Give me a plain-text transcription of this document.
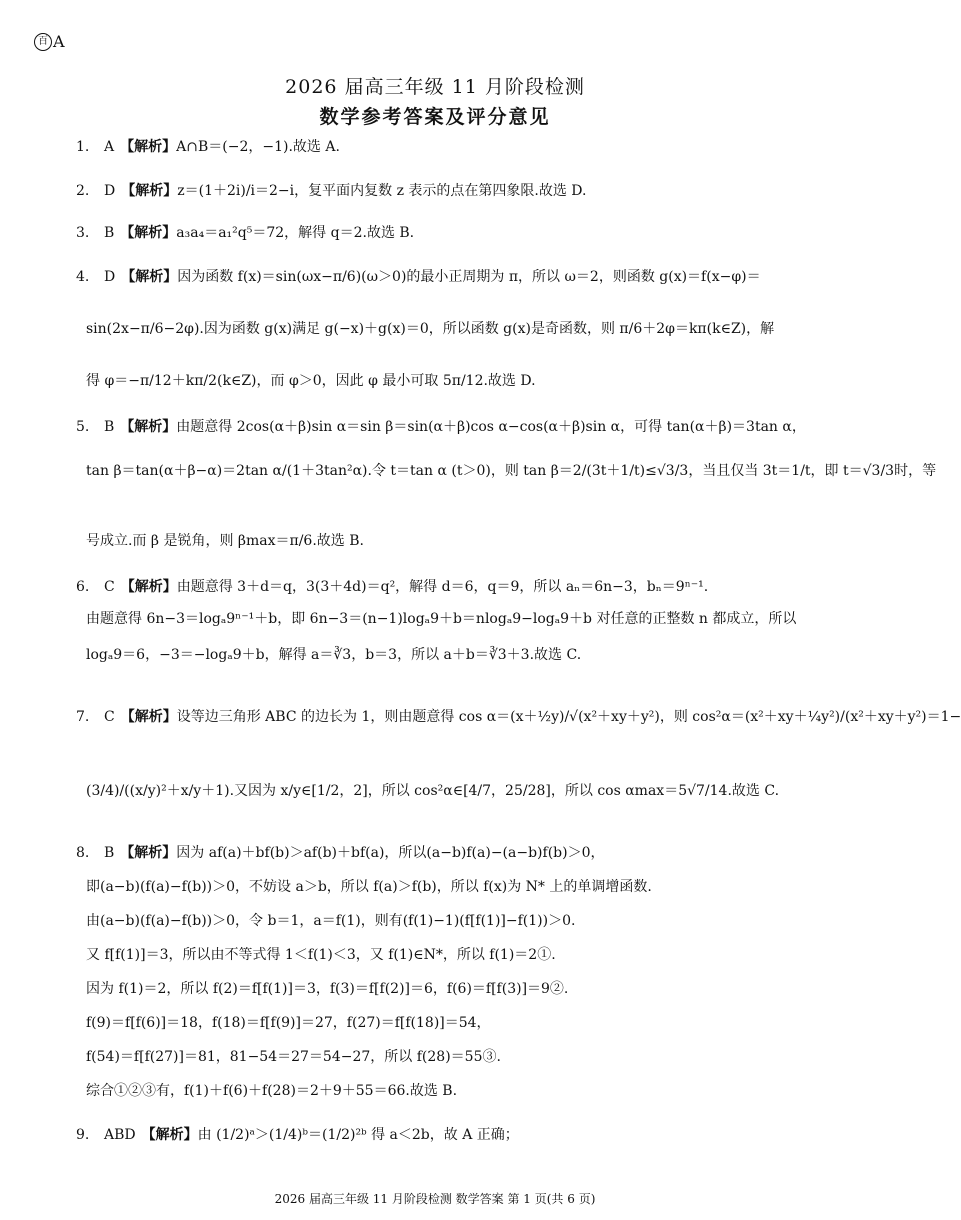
百 A
2026 届高三年级 11 月阶段检测
数学参考答案及评分意见
1. A 【解析】A∩B＝(−2，−1).故选 A.
2. D 【解析】z＝(1＋2i)/i＝2−i，复平面内复数 z 表示的点在第四象限.故选 D.
3. B 【解析】a₃a₄＝a₁²q⁵＝72，解得 q＝2.故选 B.
4. D 【解析】因为函数 f(x)＝sin(ωx−π/6)(ω＞0)的最小正周期为 π，所以 ω＝2，则函数 g(x)＝f(x−φ)＝
sin(2x−π/6−2φ).因为函数 g(x)满足 g(−x)＋g(x)＝0，所以函数 g(x)是奇函数，则 π/6＋2φ＝kπ(k∈Z)，解
得 φ＝−π/12＋kπ/2(k∈Z)，而 φ＞0，因此 φ 最小可取 5π/12.故选 D.
5. B 【解析】由题意得 2cos(α＋β)sin α＝sin β＝sin(α＋β)cos α−cos(α＋β)sin α，可得 tan(α＋β)＝3tan α，
tan β＝tan(α＋β−α)＝2tan α/(1＋3tan²α).令 t＝tan α (t＞0)，则 tan β＝2/(3t＋1/t)≤√3/3，当且仅当 3t＝1/t，即 t＝√3/3时，等
号成立.而 β 是锐角，则 βmax＝π/6.故选 B.
6. C 【解析】由题意得 3＋d＝q，3(3＋4d)＝q²，解得 d＝6，q＝9，所以 aₙ＝6n−3，bₙ＝9ⁿ⁻¹.
由题意得 6n−3＝logₐ9ⁿ⁻¹＋b，即 6n−3＝(n−1)logₐ9＋b＝nlogₐ9−logₐ9＋b 对任意的正整数 n 都成立，所以
logₐ9＝6，−3＝−logₐ9＋b，解得 a＝∛3，b＝3，所以 a＋b＝∛3＋3.故选 C.
7. C 【解析】设等边三角形 ABC 的边长为 1，则由题意得 cos α＝(x＋½y)/√(x²＋xy＋y²)，则 cos²α＝(x²＋xy＋¼y²)/(x²＋xy＋y²)＝1−
(3/4)/((x/y)²＋x/y＋1).又因为 x/y∈[1/2，2]，所以 cos²α∈[4/7，25/28]，所以 cos αmax＝5√7/14.故选 C.
8. B 【解析】因为 af(a)＋bf(b)＞af(b)＋bf(a)，所以(a−b)f(a)−(a−b)f(b)＞0，
即(a−b)(f(a)−f(b))＞0，不妨设 a＞b，所以 f(a)＞f(b)，所以 f(x)为 N* 上的单调增函数.
由(a−b)(f(a)−f(b))＞0，令 b＝1，a＝f(1)，则有(f(1)−1)(f[f(1)]−f(1))＞0.
又 f[f(1)]＝3，所以由不等式得 1＜f(1)＜3，又 f(1)∈N*，所以 f(1)＝2①.
因为 f(1)＝2，所以 f(2)＝f[f(1)]＝3，f(3)＝f[f(2)]＝6，f(6)＝f[f(3)]＝9②.
f(9)＝f[f(6)]＝18，f(18)＝f[f(9)]＝27，f(27)＝f[f(18)]＝54，
f(54)＝f[f(27)]＝81，81−54＝27＝54−27，所以 f(28)＝55③.
综合①②③有，f(1)＋f(6)＋f(28)＝2＋9＋55＝66.故选 B.
9. ABD 【解析】由 (1/2)ᵃ＞(1/4)ᵇ＝(1/2)²ᵇ 得 a＜2b，故 A 正确；
2026 届高三年级 11 月阶段检测 数学答案 第 1 页(共 6 页)
